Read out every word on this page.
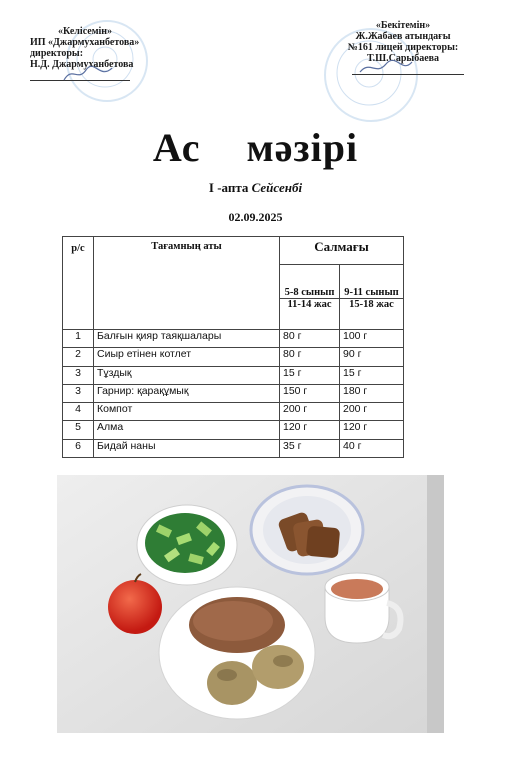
«Келісемін»
ИП «Джармуханбетова»
директоры:
Н.Д. Джармуханбетова
«Бекітемін»
Ж.Жабаев атындағы
№161 лицей директоры:
Т.Ш.Сарыбаева
Ас мәзірі
І -апта Сейсенбі
02.09.2025
р/с	Тағамның аты	Салмағы	
		5-8 сынып	9-11 сынып
		11-14 жас	15-18 жас
1	Балғын қияр таяқшалары	80 г	100 г
2	Сиыр етінен котлет	80 г	90 г
3	Тұздық	15 г	15 г
3	Гарнир: қарақұмық	150 г	180 г
4	Компот	200 г	200 г
5	Алма	120 г	120 г
6	Бидай наны	35 г	40 г
